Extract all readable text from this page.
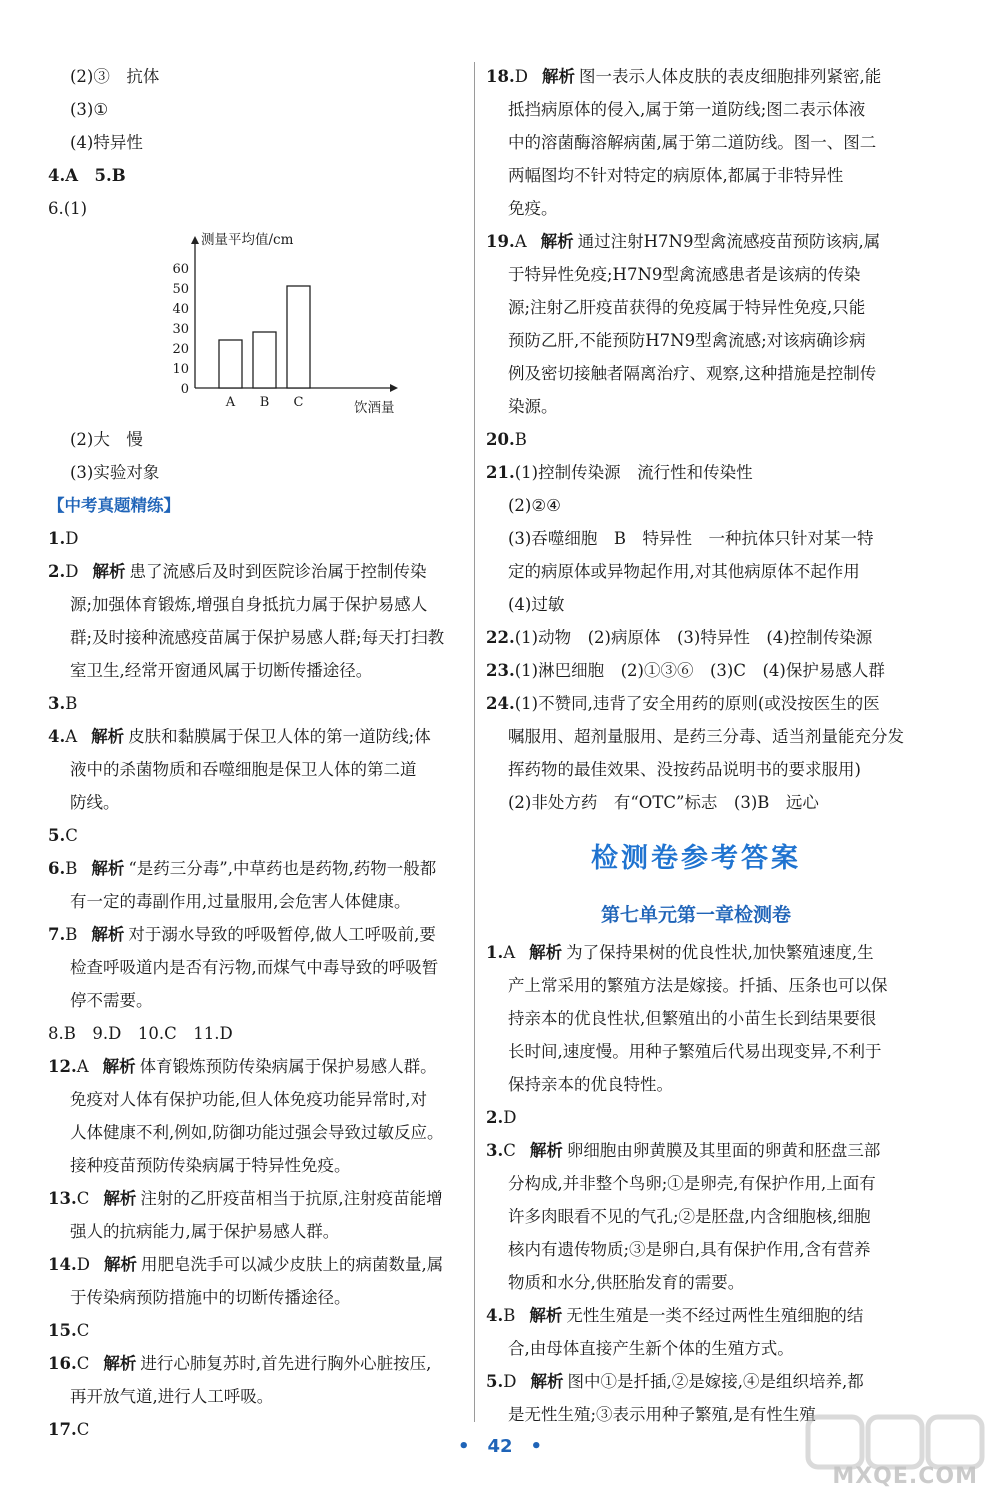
(2)③　抗体
(3)①
(4)特异性
4.A　5.B
6.(1)
(2)大　慢
(3)实验对象
【中考真题精练】
1.D
2.D 解析 患了流感后及时到医院诊治属于控制传染
源;加强体育锻炼,增强自身抵抗力属于保护易感人
群;及时接种流感疫苗属于保护易感人群;每天打扫教
室卫生,经常开窗通风属于切断传播途径。
3.B
4.A 解析 皮肤和黏膜属于保卫人体的第一道防线;体
液中的杀菌物质和吞噬细胞是保卫人体的第二道
防线。
5.C
6.B 解析 “是药三分毒”,中草药也是药物,药物一般都
有一定的毒副作用,过量服用,会危害人体健康。
7.B 解析 对于溺水导致的呼吸暂停,做人工呼吸前,要
检查呼吸道内是否有污物,而煤气中毒导致的呼吸暂
停不需要。
8.B　9.D　10.C　11.D
12.A 解析 体育锻炼预防传染病属于保护易感人群。
免疫对人体有保护功能,但人体免疫功能异常时,对
人体健康不利,例如,防御功能过强会导致过敏反应。
接种疫苗预防传染病属于特异性免疫。
13.C 解析 注射的乙肝疫苗相当于抗原,注射疫苗能增
强人的抗病能力,属于保护易感人群。
14.D 解析 用肥皂洗手可以减少皮肤上的病菌数量,属
于传染病预防措施中的切断传播途径。
15.C
16.C 解析 进行心肺复苏时,首先进行胸外心脏按压,
再开放气道,进行人工呼吸。
17.C
测量平均值/cm
饮酒量
0
10
20
30
40
50
60
A B C
18.D 解析 图一表示人体皮肤的表皮细胞排列紧密,能
抵挡病原体的侵入,属于第一道防线;图二表示体液
中的溶菌酶溶解病菌,属于第二道防线。图一、图二
两幅图均不针对特定的病原体,都属于非特异性
免疫。
19.A 解析 通过注射H7N9型禽流感疫苗预防该病,属
于特异性免疫;H7N9型禽流感患者是该病的传染
源;注射乙肝疫苗获得的免疫属于特异性免疫,只能
预防乙肝,不能预防H7N9型禽流感;对该病确诊病
例及密切接触者隔离治疗、观察,这种措施是控制传
染源。
20.B
21.(1)控制传染源　流行性和传染性
(2)②④
(3)吞噬细胞　B　特异性　一种抗体只针对某一特
定的病原体或异物起作用,对其他病原体不起作用
(4)过敏
22.(1)动物　(2)病原体　(3)特异性　(4)控制传染源
23.(1)淋巴细胞　(2)①③⑥　(3)C　(4)保护易感人群
24.(1)不赞同,违背了安全用药的原则(或没按医生的医
嘱服用、超剂量服用、是药三分毒、适当剂量能充分发
挥药物的最佳效果、没按药品说明书的要求服用)
(2)非处方药　有“OTC”标志　(3)B　远心
检测卷参考答案
第七单元第一章检测卷
1.A 解析 为了保持果树的优良性状,加快繁殖速度,生
产上常采用的繁殖方法是嫁接。扦插、压条也可以保
持亲本的优良性状,但繁殖出的小苗生长到结果要很
长时间,速度慢。用种子繁殖后代易出现变异,不利于
保持亲本的优良特性。
2.D
3.C 解析 卵细胞由卵黄膜及其里面的卵黄和胚盘三部
分构成,并非整个鸟卵;①是卵壳,有保护作用,上面有
许多肉眼看不见的气孔;②是胚盘,内含细胞核,细胞
核内有遗传物质;③是卵白,具有保护作用,含有营养
物质和水分,供胚胎发育的需要。
4.B 解析 无性生殖是一类不经过两性生殖细胞的结
合,由母体直接产生新个体的生殖方式。
5.D 解析 图中①是扦插,②是嫁接,④是组织培养,都
是无性生殖;③表示用种子繁殖,是有性生殖
•　42　•
MXQE.COM
